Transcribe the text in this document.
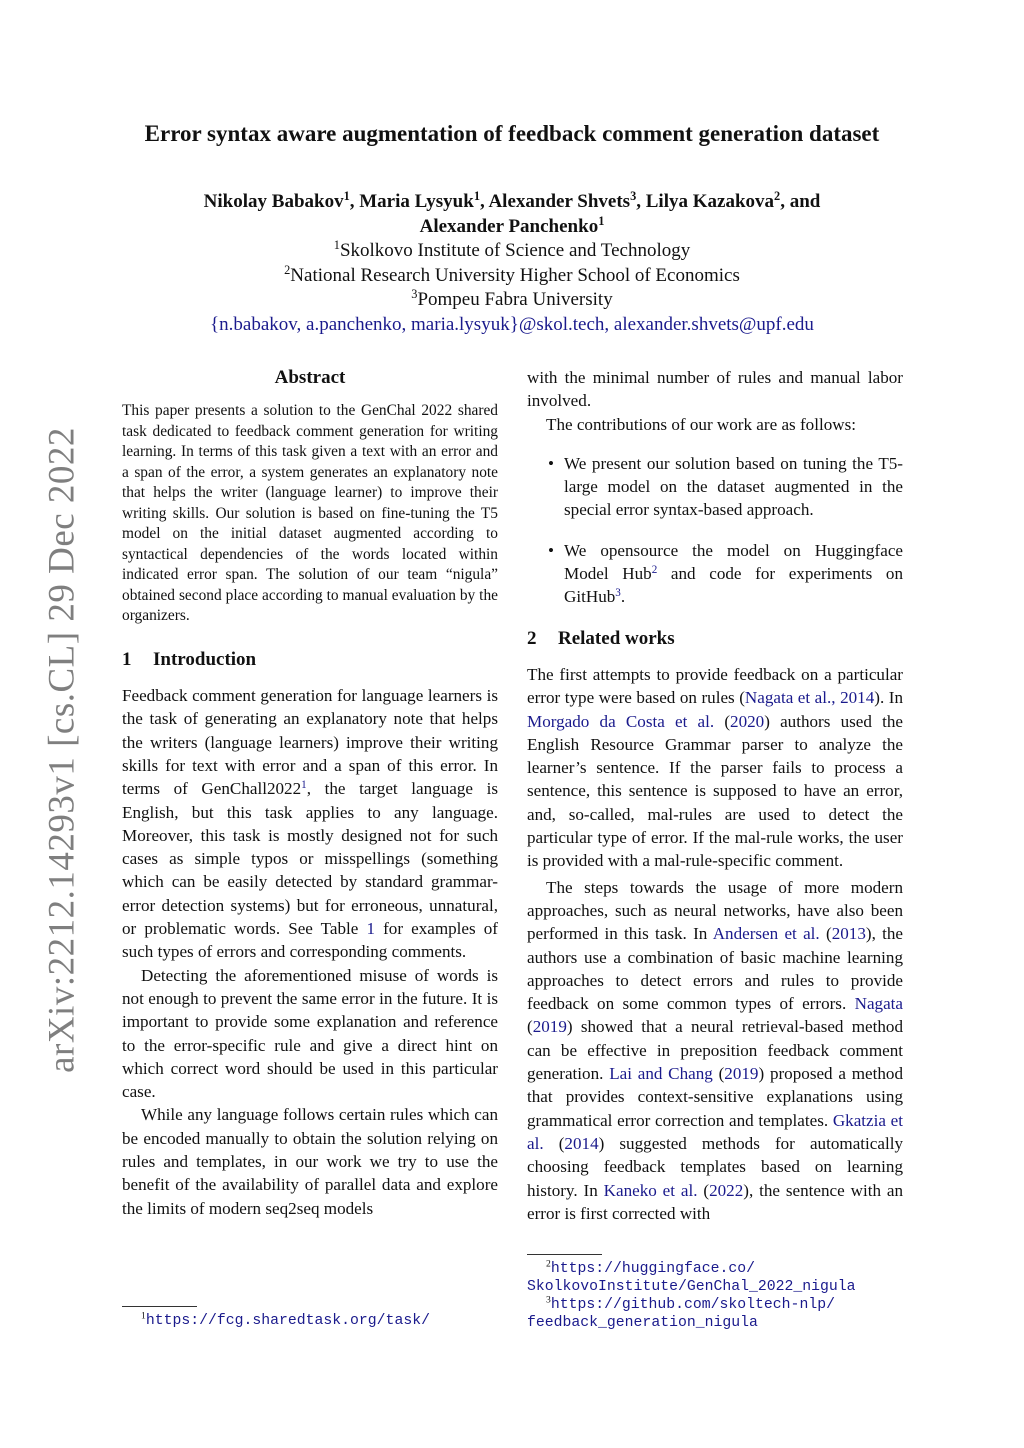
arXiv:2212.14293v1 [cs.CL] 29 Dec 2022
Error syntax aware augmentation of feedback comment generation dataset
Nikolay Babakov$^1$, Maria Lysyuk$^1$, Alexander Shvets$^3$, Lilya Kazakova$^2$, and
Alexander Panchenko$^1$
$^1$Skolkovo Institute of Science and Technology
$^2$National Research University Higher School of Economics
$^3$Pompeu Fabra University
{n.babakov, a.panchenko, maria.lysyuk}@skol.tech, alexander.shvets@upf.edu
Abstract

This paper presents a solution to the GenChal 2022 shared task dedicated to feedback comment generation for writing learning. In terms of this task given a text with an error and a span of the error, a system generates an explanatory note that helps the writer (language learner) to improve their writing skills. Our solution is based on fine-tuning the T5 model on the initial dataset augmented according to syntactical dependencies of the words located within indicated error span. The solution of our team “nigula” obtained second place according to manual evaluation by the organizers.

1 Introduction

Feedback comment generation for language learners is the task of generating an explanatory note that helps the writers (language learners) improve their writing skills for text with error and a span of this error. In terms of GenChall2022$^1$, the target language is English, but this task applies to any language. Moreover, this task is mostly designed not for such cases as simple typos or misspellings (something which can be easily detected by standard grammar-error detection systems) but for erroneous, unnatural, or problematic words. See Table 1 for examples of such types of errors and corresponding comments.

Detecting the aforementioned misuse of words is not enough to prevent the same error in the future. It is important to provide some explanation and reference to the error-specific rule and give a direct hint on which correct word should be used in this particular case.

While any language follows certain rules which can be encoded manually to obtain the solution relying on rules and templates, in our work we try to use the benefit of the availability of parallel data and explore the limits of modern seq2seq models

with the minimal number of rules and manual labor involved.

The contributions of our work are as follows:

• We present our solution based on tuning the T5-large model on the dataset augmented in the special error syntax-based approach.
• We opensource the model on Huggingface Model Hub$^2$ and code for experiments on GitHub$^3$.
2 Related works

The first attempts to provide feedback on a particular error type were based on rules (Nagata et al., 2014). In Morgado da Costa et al. (2020) authors used the English Resource Grammar parser to analyze the learner’s sentence. If the parser fails to process a sentence, this sentence is supposed to have an error, and, so-called, mal-rules are used to detect the particular type of error. If the mal-rule works, the user is provided with a mal-rule-specific comment.

The steps towards the usage of more modern approaches, such as neural networks, have also been performed in this task. In Andersen et al. (2013), the authors use a combination of basic machine learning approaches to detect errors and rules to provide feedback on some common types of errors. Nagata (2019) showed that a neural retrieval-based method can be effective in preposition feedback comment generation. Lai and Chang (2019) proposed a method that provides context-sensitive explanations using grammatical error correction and templates. Gkatzia et al. (2014) suggested methods for automatically choosing feedback templates based on learning history. In Kaneko et al. (2022), the sentence with an error is first corrected with

$^1$https://fcg.sharedtask.org/task/
$^2$https://huggingface.co/
SkolkovoInstitute/GenChal_2022_nigula
$^3$https://github.com/skoltech-nlp/
feedback_generation_nigula
